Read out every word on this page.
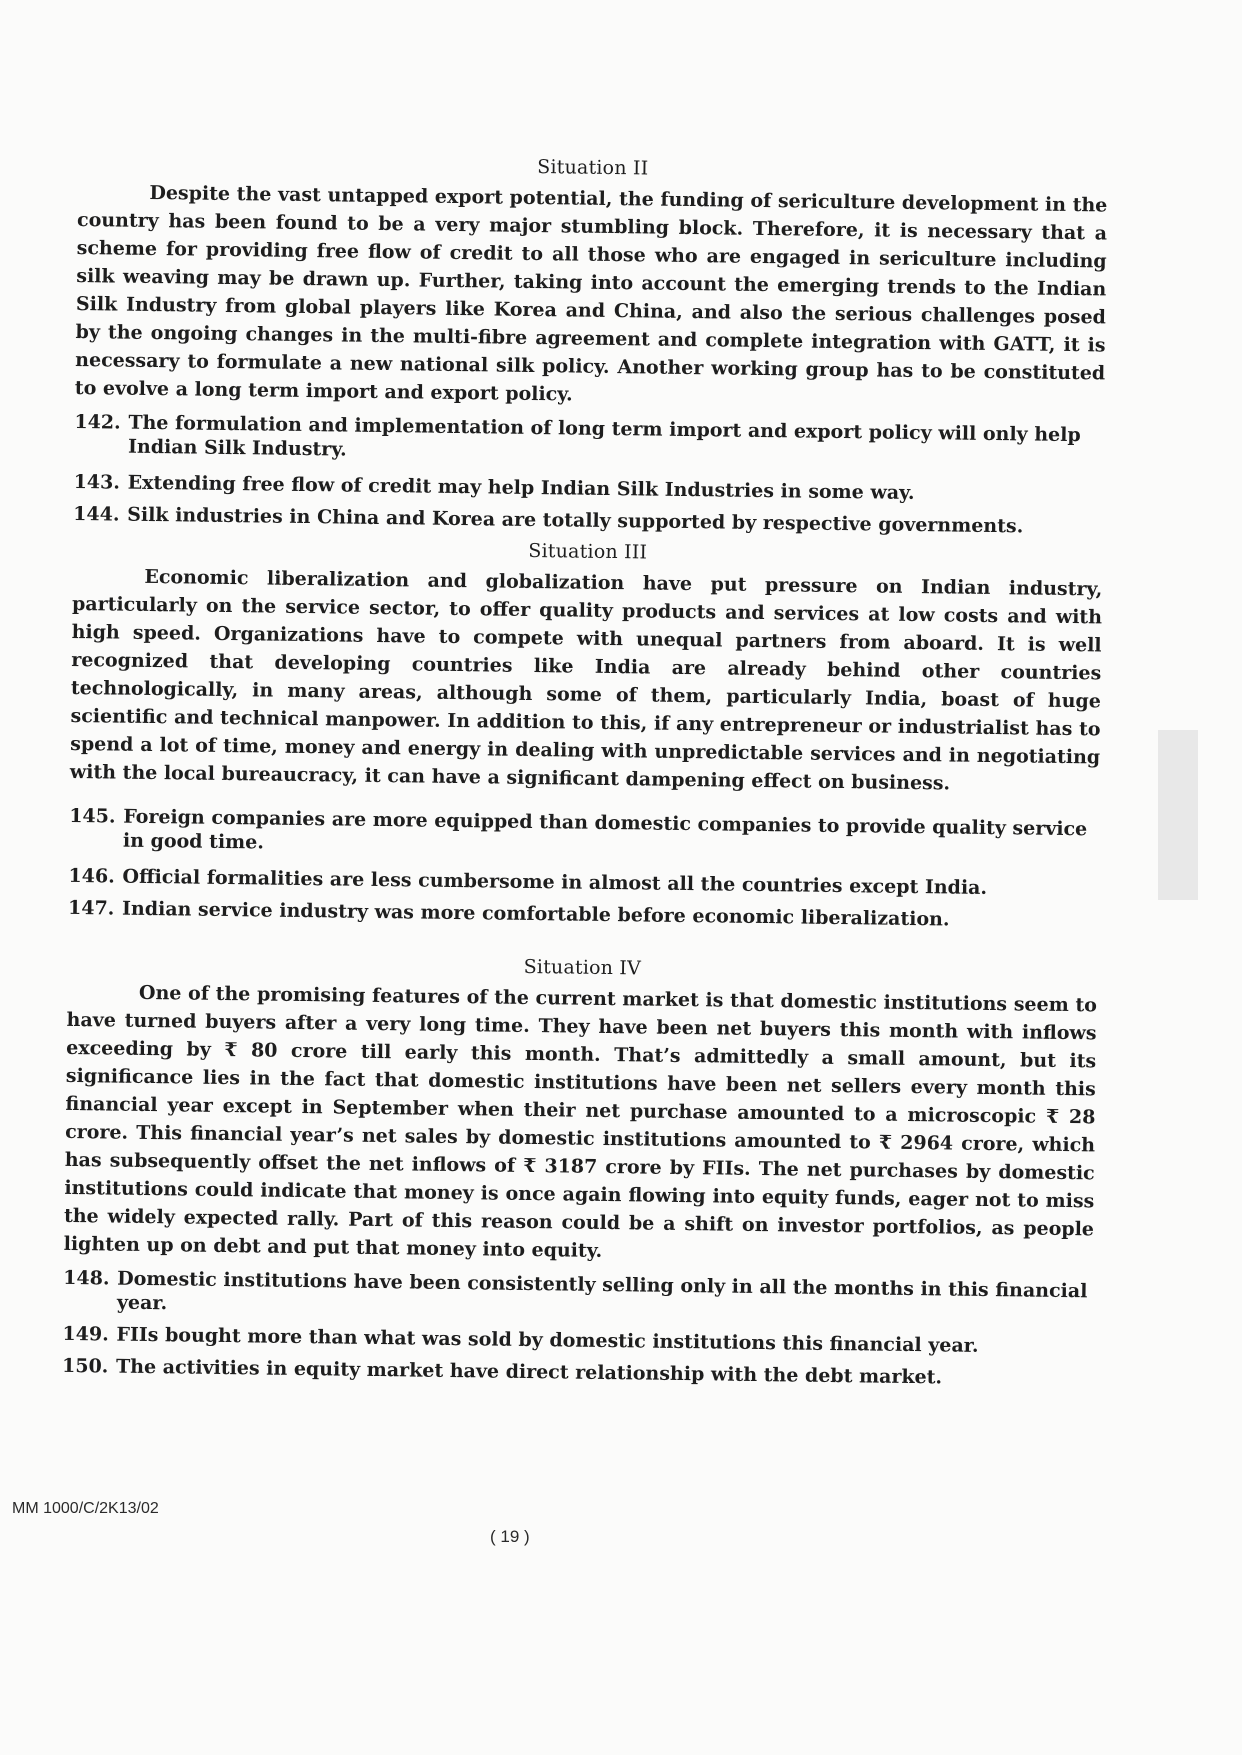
Situation II

Despite the vast untapped export potential, the funding of sericulture development in the country has been found to be a very major stumbling block. Therefore, it is necessary that a scheme for providing free flow of credit to all those who are engaged in sericulture including silk weaving may be drawn up. Further, taking into account the emerging trends to the Indian Silk Industry from global players like Korea and China, and also the serious challenges posed by the ongoing changes in the multi-fibre agreement and complete integration with GATT, it is necessary to formulate a new national silk policy. Another working group has to be constituted to evolve a long term import and export policy.

142. The formulation and implementation of long term import and export policy will only help Indian Silk Industry.
143. Extending free flow of credit may help Indian Silk Industries in some way.
144. Silk industries in China and Korea are totally supported by respective governments.
Situation III

Economic liberalization and globalization have put pressure on Indian industry, particularly on the service sector, to offer quality products and services at low costs and with high speed. Organizations have to compete with unequal partners from aboard. It is well recognized that developing countries like India are already behind other countries technologically, in many areas, although some of them, particularly India, boast of huge scientific and technical manpower. In addition to this, if any entrepreneur or industrialist has to spend a lot of time, money and energy in dealing with unpredictable services and in negotiating with the local bureaucracy, it can have a significant dampening effect on business.

145. Foreign companies are more equipped than domestic companies to provide quality service in good time.
146. Official formalities are less cumbersome in almost all the countries except India.
147. Indian service industry was more comfortable before economic liberalization.
Situation IV

One of the promising features of the current market is that domestic institutions seem to have turned buyers after a very long time. They have been net buyers this month with inflows exceeding by ₹ 80 crore till early this month. That’s admittedly a small amount, but its significance lies in the fact that domestic institutions have been net sellers every month this financial year except in September when their net purchase amounted to a microscopic ₹ 28 crore. This financial year’s net sales by domestic institutions amounted to ₹ 2964 crore, which has subsequently offset the net inflows of ₹ 3187 crore by FIIs. The net purchases by domestic institutions could indicate that money is once again flowing into equity funds, eager not to miss the widely expected rally. Part of this reason could be a shift on investor portfolios, as people lighten up on debt and put that money into equity.

148. Domestic institutions have been consistently selling only in all the months in this financial year.
149. FIIs bought more than what was sold by domestic institutions this financial year.
150. The activities in equity market have direct relationship with the debt market.
MM 1000/C/2K13/02
( 19 )
